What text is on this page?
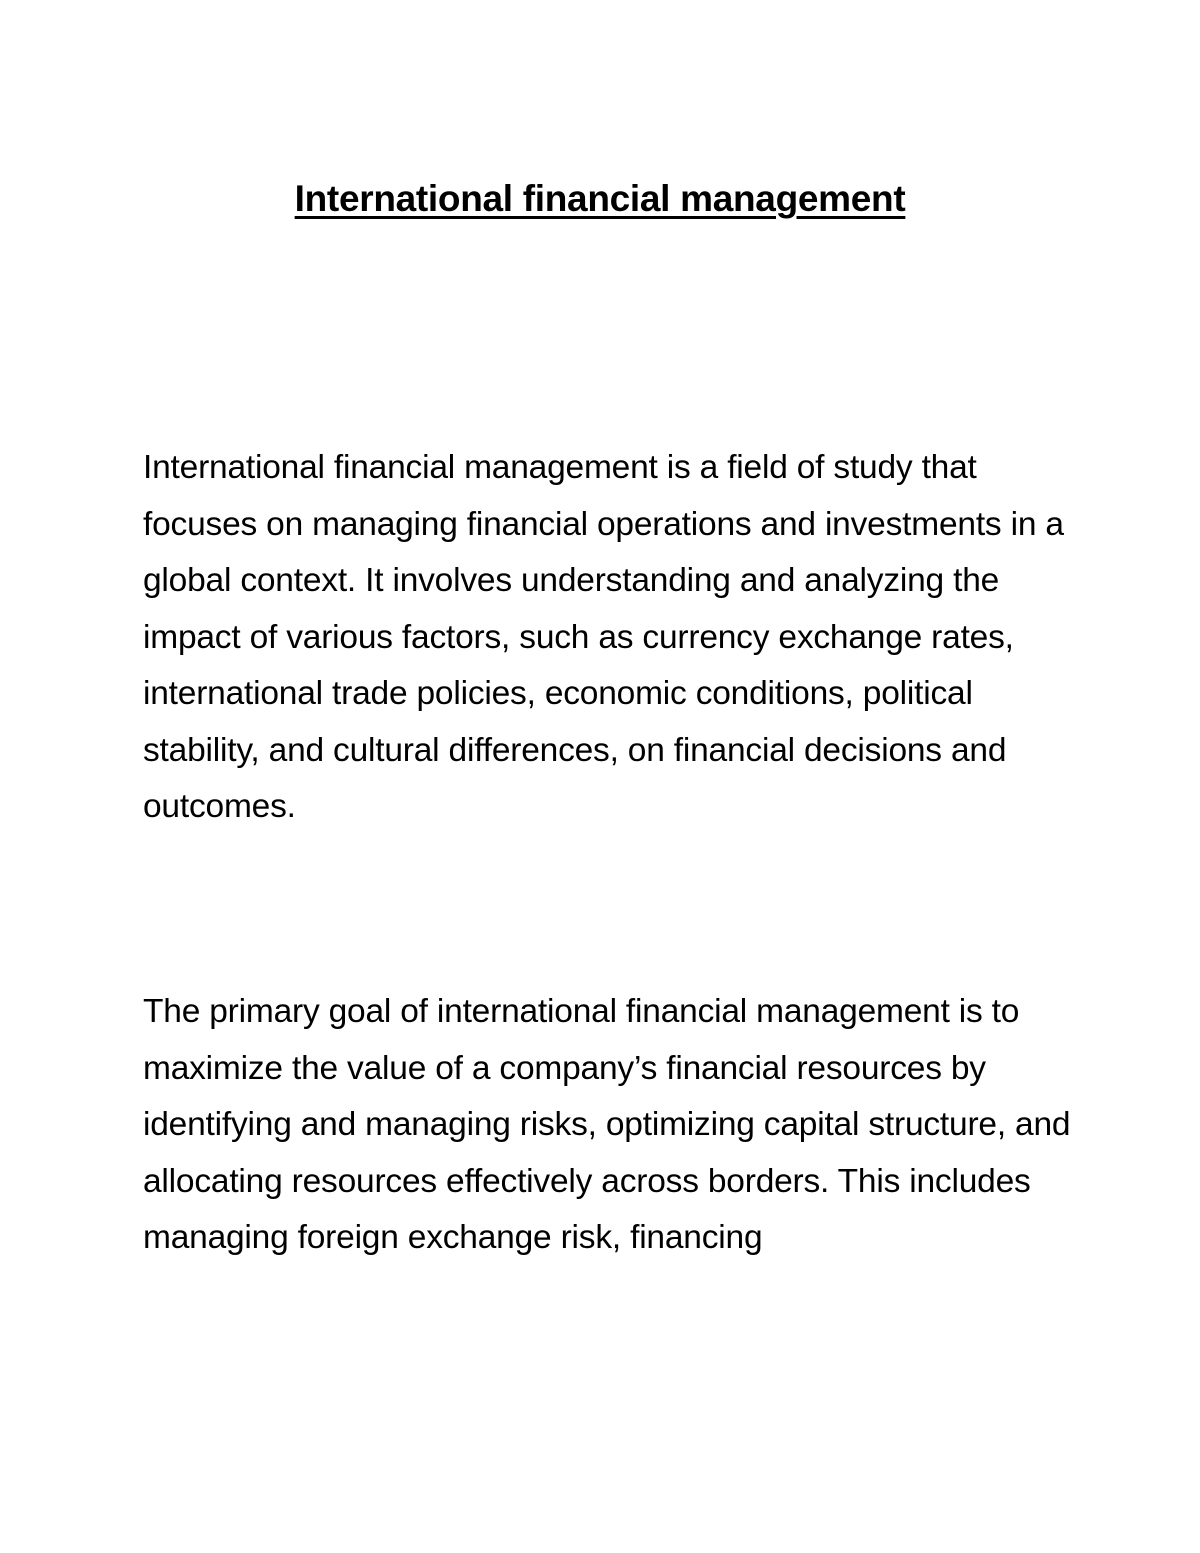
International financial management

International financial management is a field of study that focuses on managing financial operations and investments in a global context. It involves understanding and analyzing the impact of various factors, such as currency exchange rates, international trade policies, economic conditions, political stability, and cultural differences, on financial decisions and outcomes.

The primary goal of international financial management is to maximize the value of a company’s financial resources by identifying and managing risks, optimizing capital structure, and allocating resources effectively across borders. This includes managing foreign exchange risk, financing
